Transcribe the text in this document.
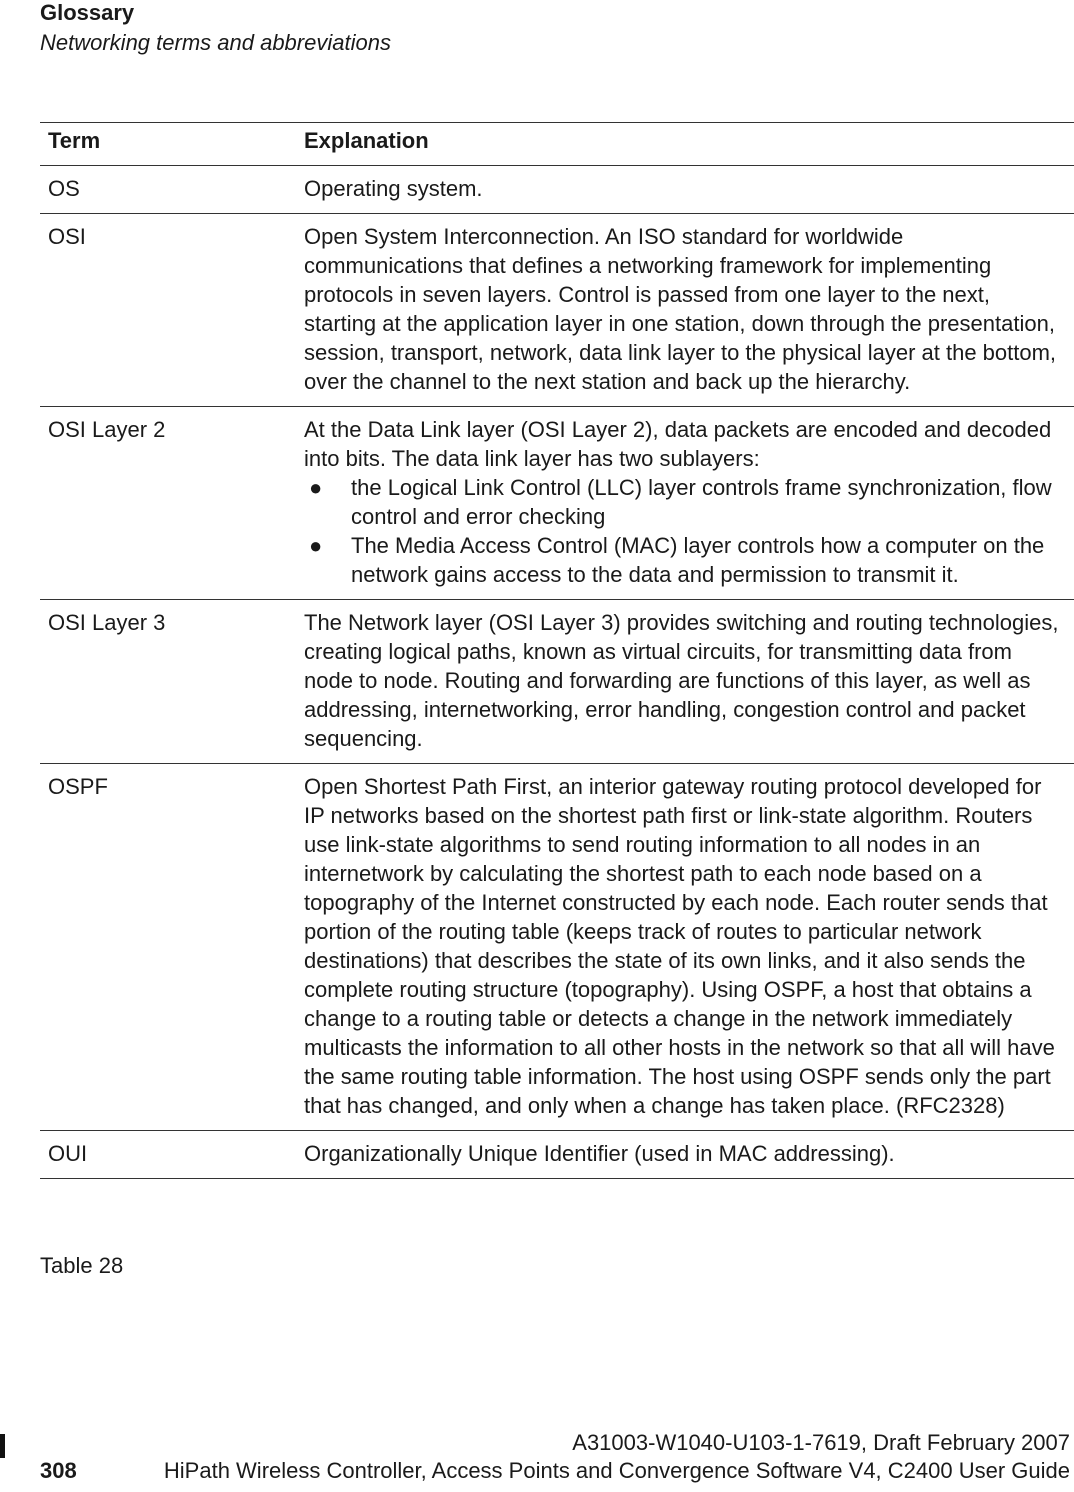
Glossary
Networking terms and abbreviations
Term	Explanation
OS	Operating system.
OSI	Open System Interconnection. An ISO standard for worldwide communications that defines a networking framework for implementing protocols in seven layers. Control is passed from one layer to the next, starting at the application layer in one station, down through the presentation, session, transport, network, data link layer to the physical layer at the bottom, over the channel to the next station and back up the hierarchy.
OSI Layer 2	At the Data Link layer (OSI Layer 2), data packets are encoded and decoded into bits. The data link layer has two sublayers:
● the Logical Link Control (LLC) layer controls frame synchronization, flow control and error checking
● The Media Access Control (MAC) layer controls how a computer on the network gains access to the data and permission to transmit it.
OSI Layer 3	The Network layer (OSI Layer 3) provides switching and routing technologies, creating logical paths, known as virtual circuits, for transmitting data from node to node. Routing and forwarding are functions of this layer, as well as addressing, internetworking, error handling, congestion control and packet sequencing.
OSPF	Open Shortest Path First, an interior gateway routing protocol developed for IP networks based on the shortest path first or link-state algorithm. Routers use link-state algorithms to send routing information to all nodes in an internetwork by calculating the shortest path to each node based on a topography of the Internet constructed by each node. Each router sends that portion of the routing table (keeps track of routes to particular network destinations) that describes the state of its own links, and it also sends the complete routing structure (topography). Using OSPF, a host that obtains a change to a routing table or detects a change in the network immediately multicasts the information to all other hosts in the network so that all will have the same routing table information. The host using OSPF sends only the part that has changed, and only when a change has taken place. (RFC2328)
OUI	Organizationally Unique Identifier (used in MAC addressing).
Table 28
308
A31003-W1040-U103-1-7619, Draft February 2007
HiPath Wireless Controller, Access Points and Convergence Software V4, C2400 User Guide
